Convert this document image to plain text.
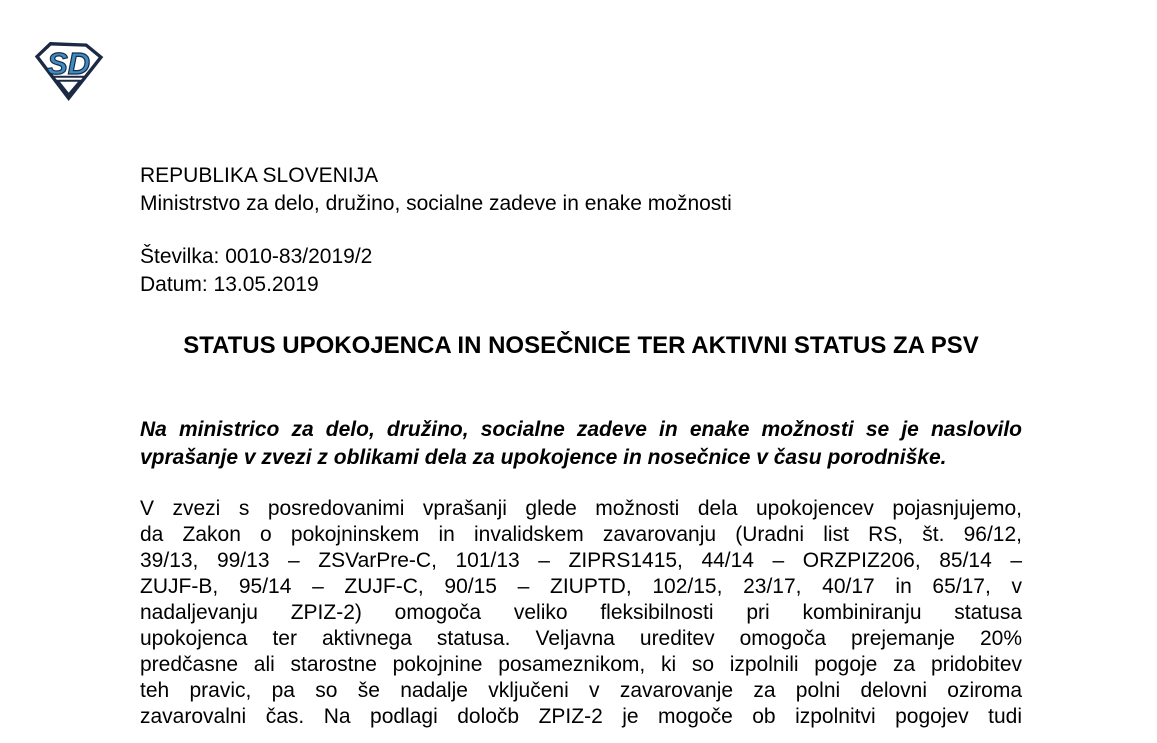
SD
REPUBLIKA SLOVENIJA
Ministrstvo za delo, družino, socialne zadeve in enake možnosti
Številka: 0010-83/2019/2
Datum: 13.05.2019
STATUS UPOKOJENCA IN NOSEČNICE TER AKTIVNI STATUS ZA PSV
Na ministrico za delo, družino, socialne zadeve in enake možnosti se je naslovilo
vprašanje v zvezi z oblikami dela za upokojence in nosečnice v času porodniške.
V zvezi s posredovanimi vprašanji glede možnosti dela upokojencev pojasnjujemo,
da Zakon o pokojninskem in invalidskem zavarovanju (Uradni list RS, št. 96/12,
39/13, 99/13 – ZSVarPre-C, 101/13 – ZIPRS1415, 44/14 – ORZPIZ206, 85/14 –
ZUJF-B, 95/14 – ZUJF-C, 90/15 – ZIUPTD, 102/15, 23/17, 40/17 in 65/17, v
nadaljevanju ZPIZ-2) omogoča veliko fleksibilnosti pri kombiniranju statusa
upokojenca ter aktivnega statusa. Veljavna ureditev omogoča prejemanje 20%
predčasne ali starostne pokojnine posameznikom, ki so izpolnili pogoje za pridobitev
teh pravic, pa so še nadalje vključeni v zavarovanje za polni delovni oziroma
zavarovalni čas. Na podlagi določb ZPIZ-2 je mogoče ob izpolnitvi pogojev tudi
